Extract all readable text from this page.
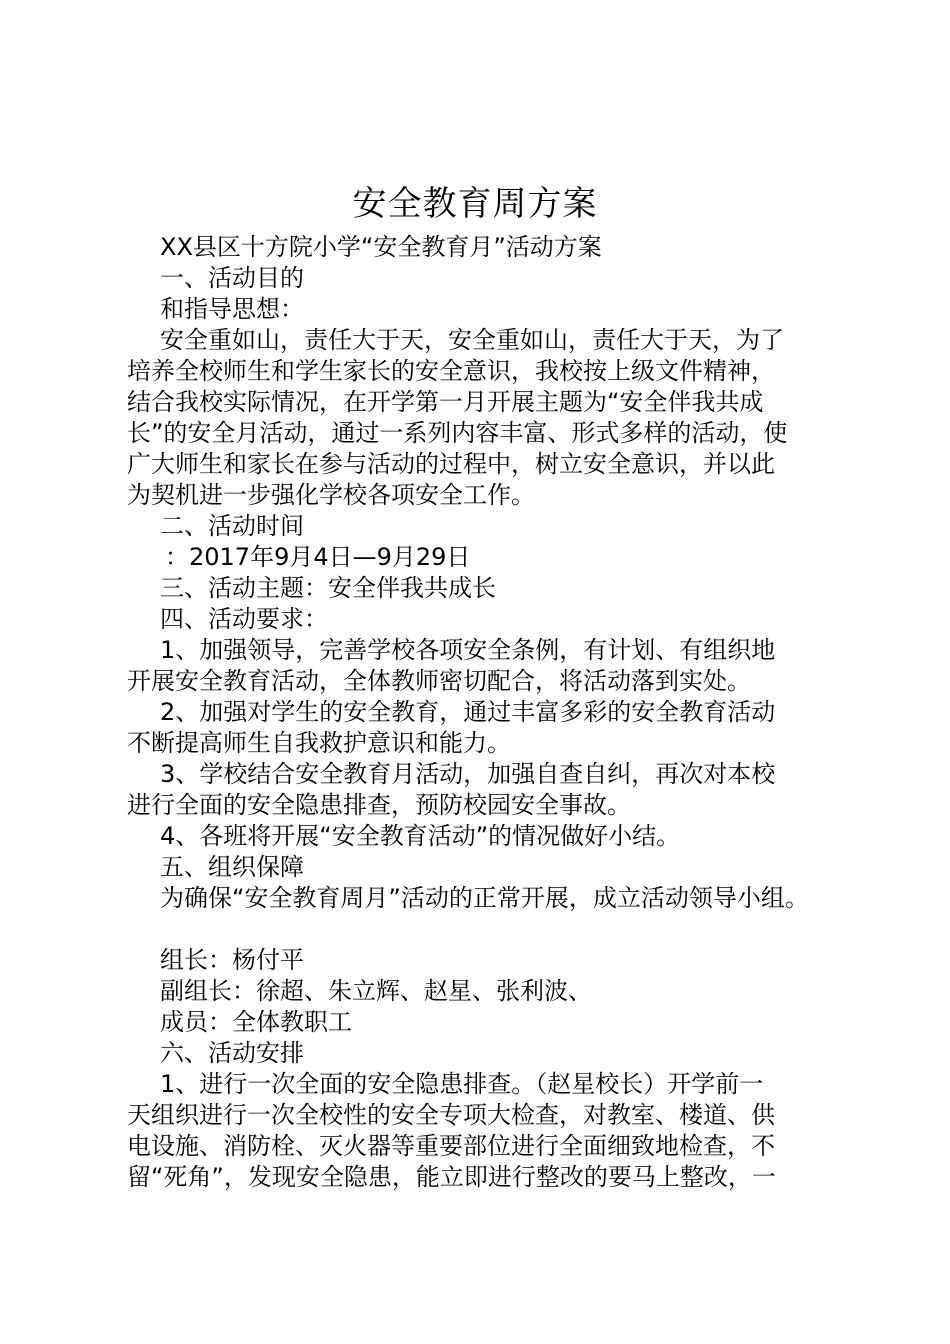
安全教育周方案

XX县区十方院小学“安全教育月”活动方案

一、活动目的

和指导思想：

安全重如山，责任大于天，安全重如山，责任大于天，为了

培养全校师生和学生家长的安全意识，我校按上级文件精神，

结合我校实际情况，在开学第一月开展主题为“安全伴我共成

长”的安全月活动，通过一系列内容丰富、形式多样的活动，使

广大师生和家长在参与活动的过程中，树立安全意识，并以此

为契机进一步强化学校各项安全工作。

二、活动时间

：2017年9月4日—9月29日

三、活动主题：安全伴我共成长

四、活动要求：

1、加强领导，完善学校各项安全条例，有计划、有组织地

开展安全教育活动，全体教师密切配合，将活动落到实处。

2、加强对学生的安全教育，通过丰富多彩的安全教育活动

不断提高师生自我救护意识和能力。

3、学校结合安全教育月活动，加强自查自纠，再次对本校

进行全面的安全隐患排查，预防校园安全事故。

4、各班将开展“安全教育活动”的情况做好小结。

五、组织保障

为确保“安全教育周月”活动的正常开展，成立活动领导小组。

组长：杨付平

副组长：徐超、朱立辉、赵星、张利波、

成员：全体教职工

六、活动安排

1、进行一次全面的安全隐患排查。（赵星校长）开学前一

天组织进行一次全校性的安全专项大检查，对教室、楼道、供

电设施、消防栓、灭火器等重要部位进行全面细致地检查，不

留“死角”，发现安全隐患，能立即进行整改的要马上整改，一
